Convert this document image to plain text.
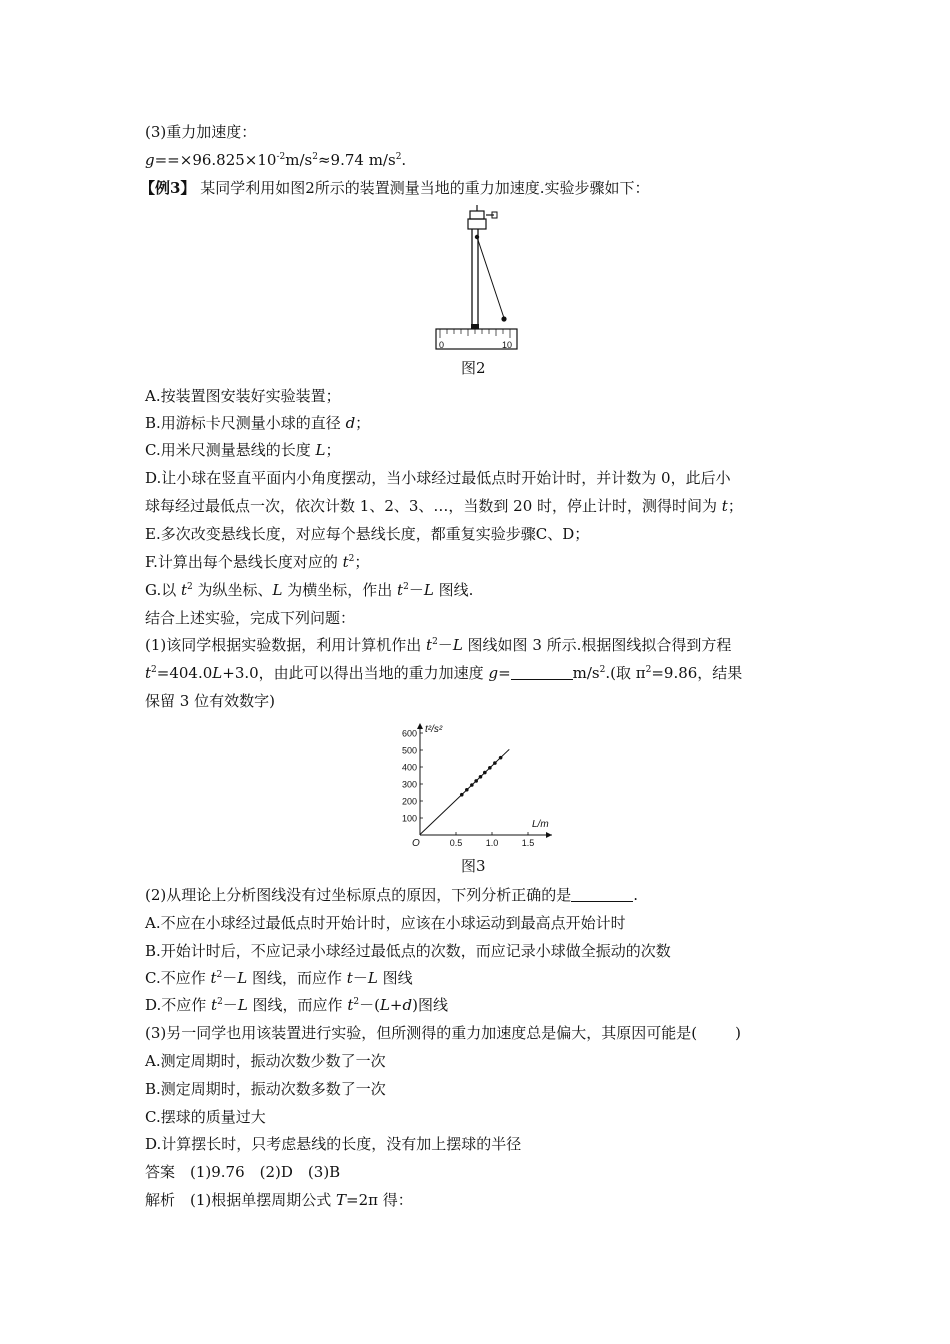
(3)重力加速度：
$g==\times 96.825\times 10^{-2}m/s^2\approx 9.74$ $m/s^2$.
【例3】 某同学利用如图2所示的装置测量当地的重力加速度.实验步骤如下：
0	10
图2
A.按装置图安装好实验装置；
B.用游标卡尺测量小球的直径 d；
C.用米尺测量悬线的长度 L；
D.让小球在竖直平面内小角度摆动，当小球经过最低点时开始计时，并计数为 0，此后小
球每经过最低点一次，依次计数 1、2、3、…，当数到 20 时，停止计时，测得时间为 t；
E.多次改变悬线长度，对应每个悬线长度，都重复实验步骤C、D；
F.计算出每个悬线长度对应的 $t^2$；
G.以 $t^2$ 为纵坐标、L 为横坐标，作出 $t^2-L$ 图线.
结合上述实验，完成下列问题：
(1)该同学根据实验数据，利用计算机作出 $t^2-L$ 图线如图 3 所示.根据图线拟合得到方程
$t^2=404.0L+3.0$，由此可以得出当地的重力加速度 g=	$m/s^2$.(取 $\pi^2=9.86$，结果
保留 3 位有效数字)
t²/s²
L/m
O
100
200
300
400
500
600
0.5	1.0	1.5
图3
(2)从理论上分析图线没有过坐标原点的原因，下列分析正确的是	.
A.不应在小球经过最低点时开始计时，应该在小球运动到最高点开始计时
B.开始计时后，不应记录小球经过最低点的次数，而应记录小球做全振动的次数
C.不应作 $t^2-L$ 图线，而应作 t－L 图线
D.不应作 $t^2-L$ 图线，而应作 $t^2-(L+d)$图线
(3)另一同学也用该装置进行实验，但所测得的重力加速度总是偏大，其原因可能是(	)
A.测定周期时，振动次数少数了一次
B.测定周期时，振动次数多数了一次
C.摆球的质量过大
D.计算摆长时，只考虑悬线的长度，没有加上摆球的半径
答案　(1)9.76　(2)D　(3)B
解析　(1)根据单摆周期公式 T=2π 得：
